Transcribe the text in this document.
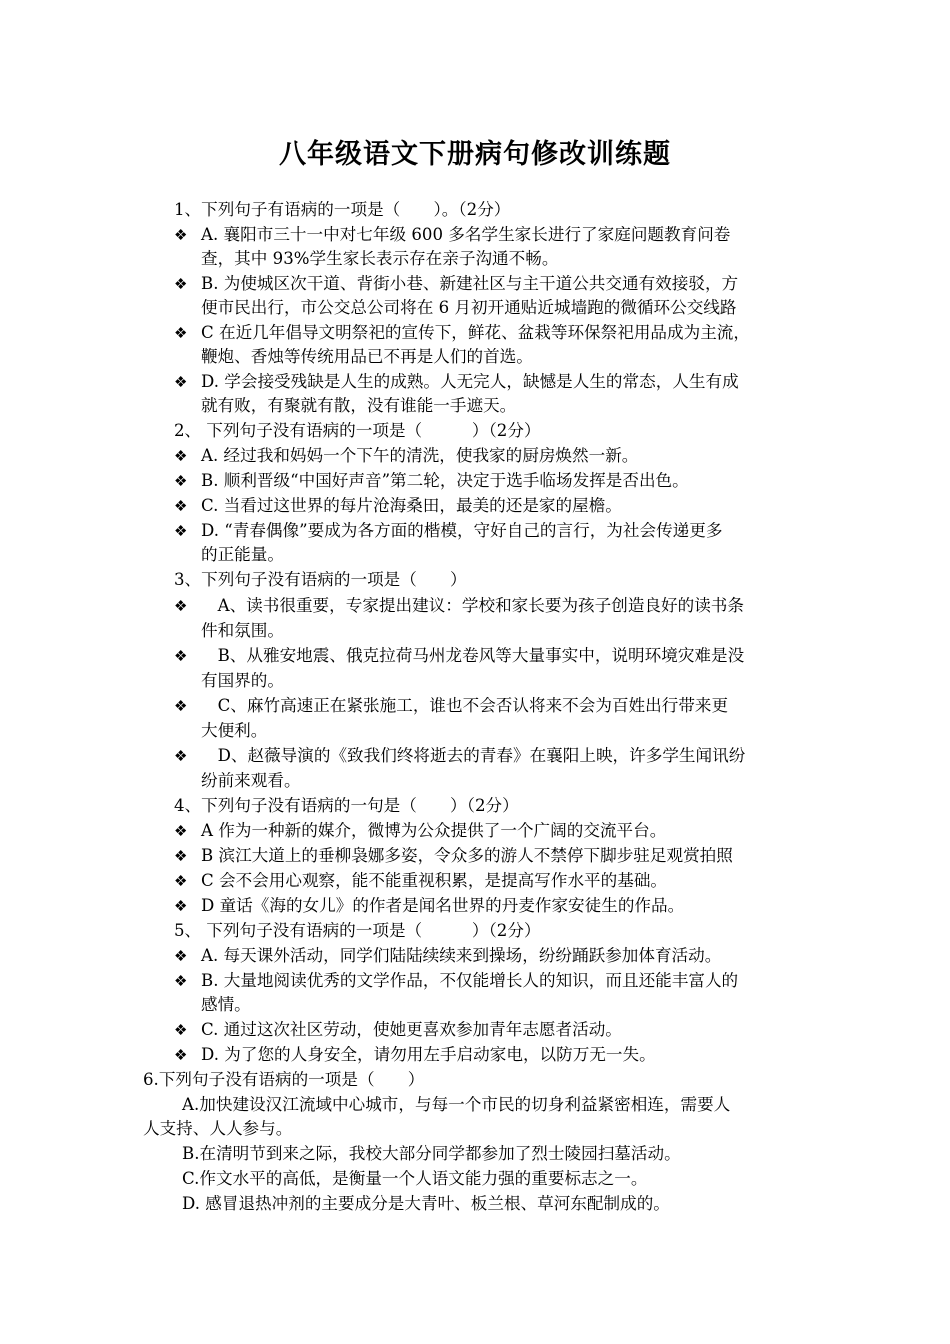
八年级语文下册病句修改训练题
1、下列句子有语病的一项是（　　）。（2分）
❖ A. 襄阳市三十一中对七年级 600 多名学生家长进行了家庭问题教育问卷
查，其中 93%学生家长表示存在亲子沟通不畅。
❖ B. 为使城区次干道、背街小巷、新建社区与主干道公共交通有效接驳，方
便市民出行，市公交总公司将在 6 月初开通贴近城墙跑的微循环公交线路
❖ C 在近几年倡导文明祭祀的宣传下，鲜花、盆栽等环保祭祀用品成为主流，
鞭炮、香烛等传统用品已不再是人们的首选。
❖ D. 学会接受残缺是人生的成熟。人无完人，缺憾是人生的常态，人生有成
就有败，有聚就有散，没有谁能一手遮天。
2、 下列句子没有语病的一项是（　　　）（2分）
❖ A. 经过我和妈妈一个下午的清洗，使我家的厨房焕然一新。
❖ B. 顺利晋级“中国好声音”第二轮，决定于选手临场发挥是否出色。
❖ C. 当看过这世界的每片沧海桑田，最美的还是家的屋檐。
❖ D. “青春偶像”要成为各方面的楷模，守好自己的言行，为社会传递更多
的正能量。
3、下列句子没有语病的一项是（　　）
❖ 　A、读书很重要，专家提出建议：学校和家长要为孩子创造良好的读书条
件和氛围。
❖ 　B、从雅安地震、俄克拉荷马州龙卷风等大量事实中，说明环境灾难是没
有国界的。
❖ 　C、麻竹高速正在紧张施工，谁也不会否认将来不会为百姓出行带来更
大便利。
❖ 　D、赵薇导演的《致我们终将逝去的青春》在襄阳上映，许多学生闻讯纷
纷前来观看。
4、下列句子没有语病的一句是（　　）（2分）
❖ A 作为一种新的媒介，微博为公众提供了一个广阔的交流平台。
❖ B 滨江大道上的垂柳袅娜多姿，令众多的游人不禁停下脚步驻足观赏拍照
❖ C 会不会用心观察，能不能重视积累，是提高写作水平的基础。
❖ D 童话《海的女儿》的作者是闻名世界的丹麦作家安徒生的作品。
5、 下列句子没有语病的一项是（　　　）（2分）
❖ A. 每天课外活动，同学们陆陆续续来到操场，纷纷踊跃参加体育活动。
❖ B. 大量地阅读优秀的文学作品，不仅能增长人的知识，而且还能丰富人的
感情。
❖ C. 通过这次社区劳动，使她更喜欢参加青年志愿者活动。
❖ D. 为了您的人身安全，请勿用左手启动家电，以防万无一失。
6.下列句子没有语病的一项是（　　）
A.加快建设汉江流域中心城市，与每一个市民的切身利益紧密相连，需要人
人支持、人人参与。
B.在清明节到来之际，我校大部分同学都参加了烈士陵园扫墓活动。
C.作文水平的高低，是衡量一个人语文能力强的重要标志之一。
D. 感冒退热冲剂的主要成分是大青叶、板兰根、草河东配制成的。
